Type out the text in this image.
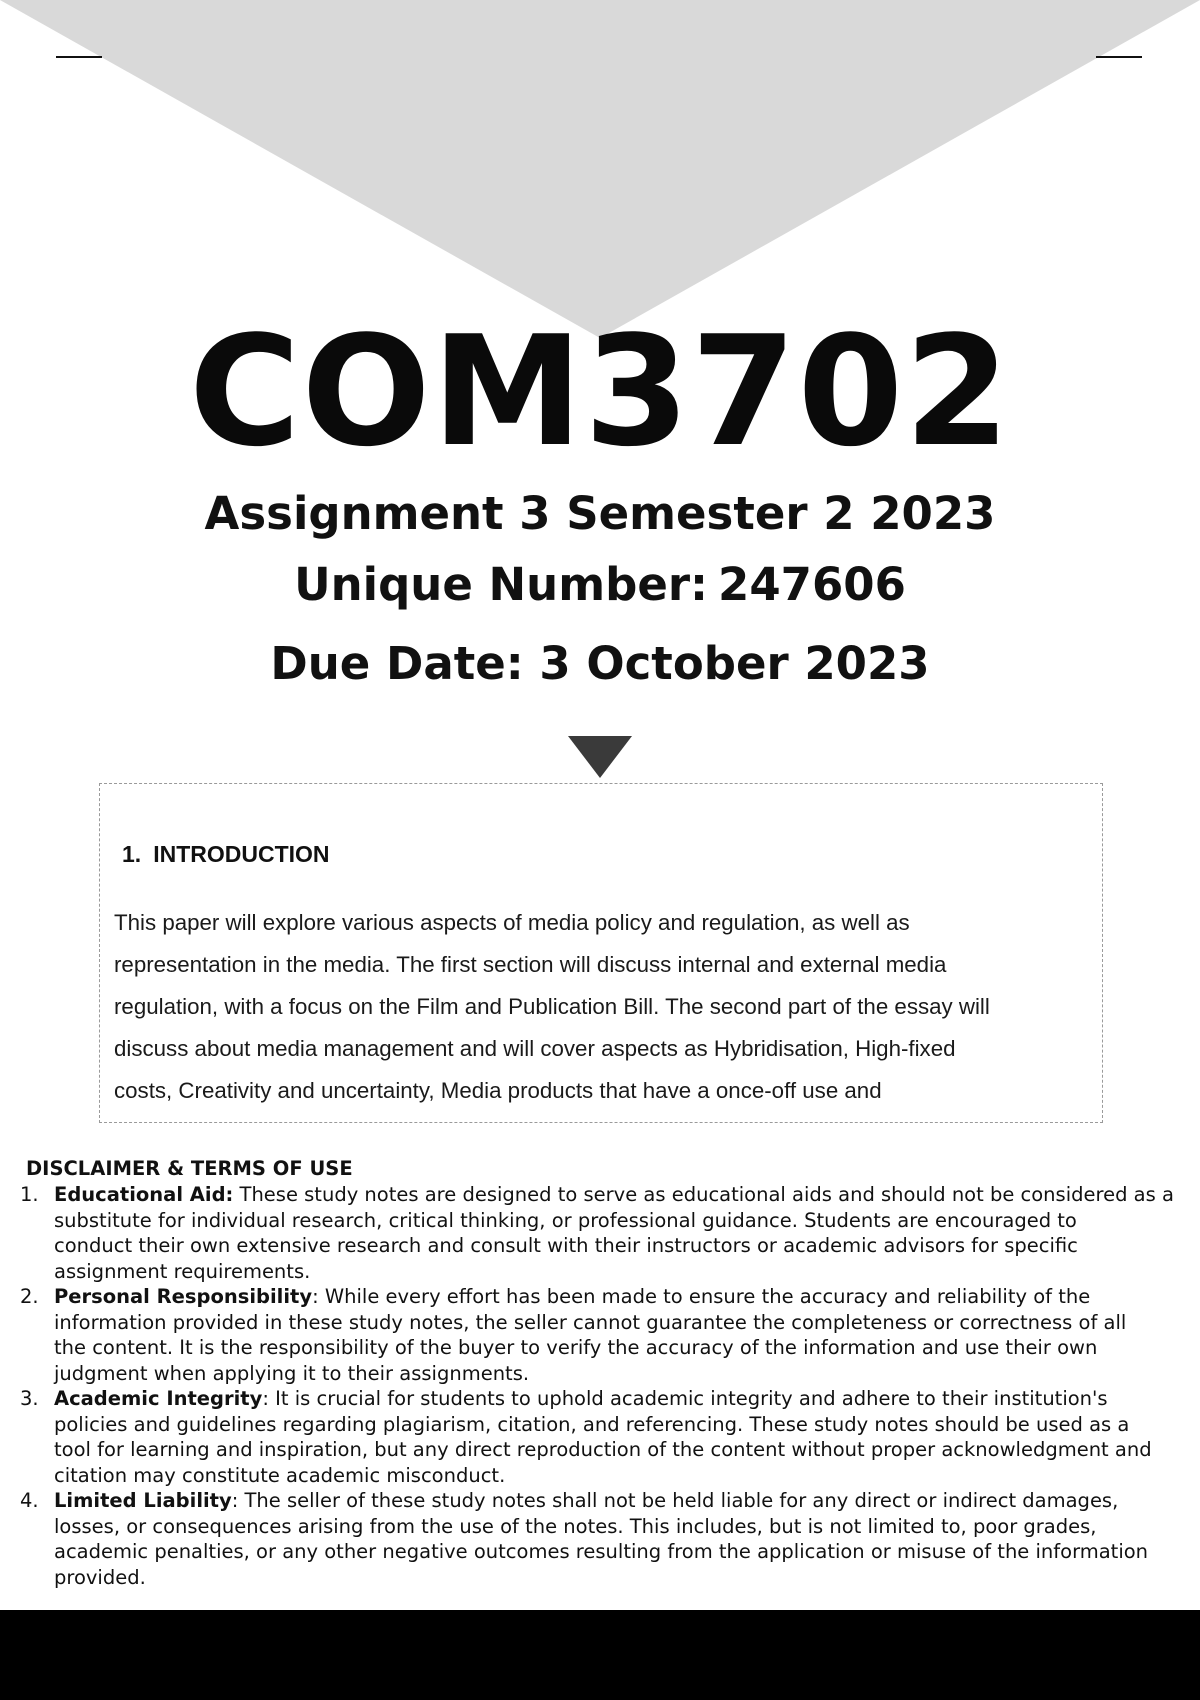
COM3702
Assignment 3 Semester 2 2023
Unique Number: 247606
Due Date: 3 October 2023
1. INTRODUCTION

This paper will explore various aspects of media policy and regulation, as well as
representation in the media. The first section will discuss internal and external media
regulation, with a focus on the Film and Publication Bill. The second part of the essay will
discuss about media management and will cover aspects as Hybridisation, High-fixed
costs, Creativity and uncertainty, Media products that have a once-off use and

DISCLAIMER & TERMS OF USE
1. Educational Aid: These study notes are designed to serve as educational aids and should not be considered as a
substitute for individual research, critical thinking, or professional guidance. Students are encouraged to
conduct their own extensive research and consult with their instructors or academic advisors for specific
assignment requirements.
2. Personal Responsibility: While every effort has been made to ensure the accuracy and reliability of the
information provided in these study notes, the seller cannot guarantee the completeness or correctness of all
the content. It is the responsibility of the buyer to verify the accuracy of the information and use their own
judgment when applying it to their assignments.
3. Academic Integrity: It is crucial for students to uphold academic integrity and adhere to their institution's
policies and guidelines regarding plagiarism, citation, and referencing. These study notes should be used as a
tool for learning and inspiration, but any direct reproduction of the content without proper acknowledgment and
citation may constitute academic misconduct.
4. Limited Liability: The seller of these study notes shall not be held liable for any direct or indirect damages,
losses, or consequences arising from the use of the notes. This includes, but is not limited to, poor grades,
academic penalties, or any other negative outcomes resulting from the application or misuse of the information
provided.
